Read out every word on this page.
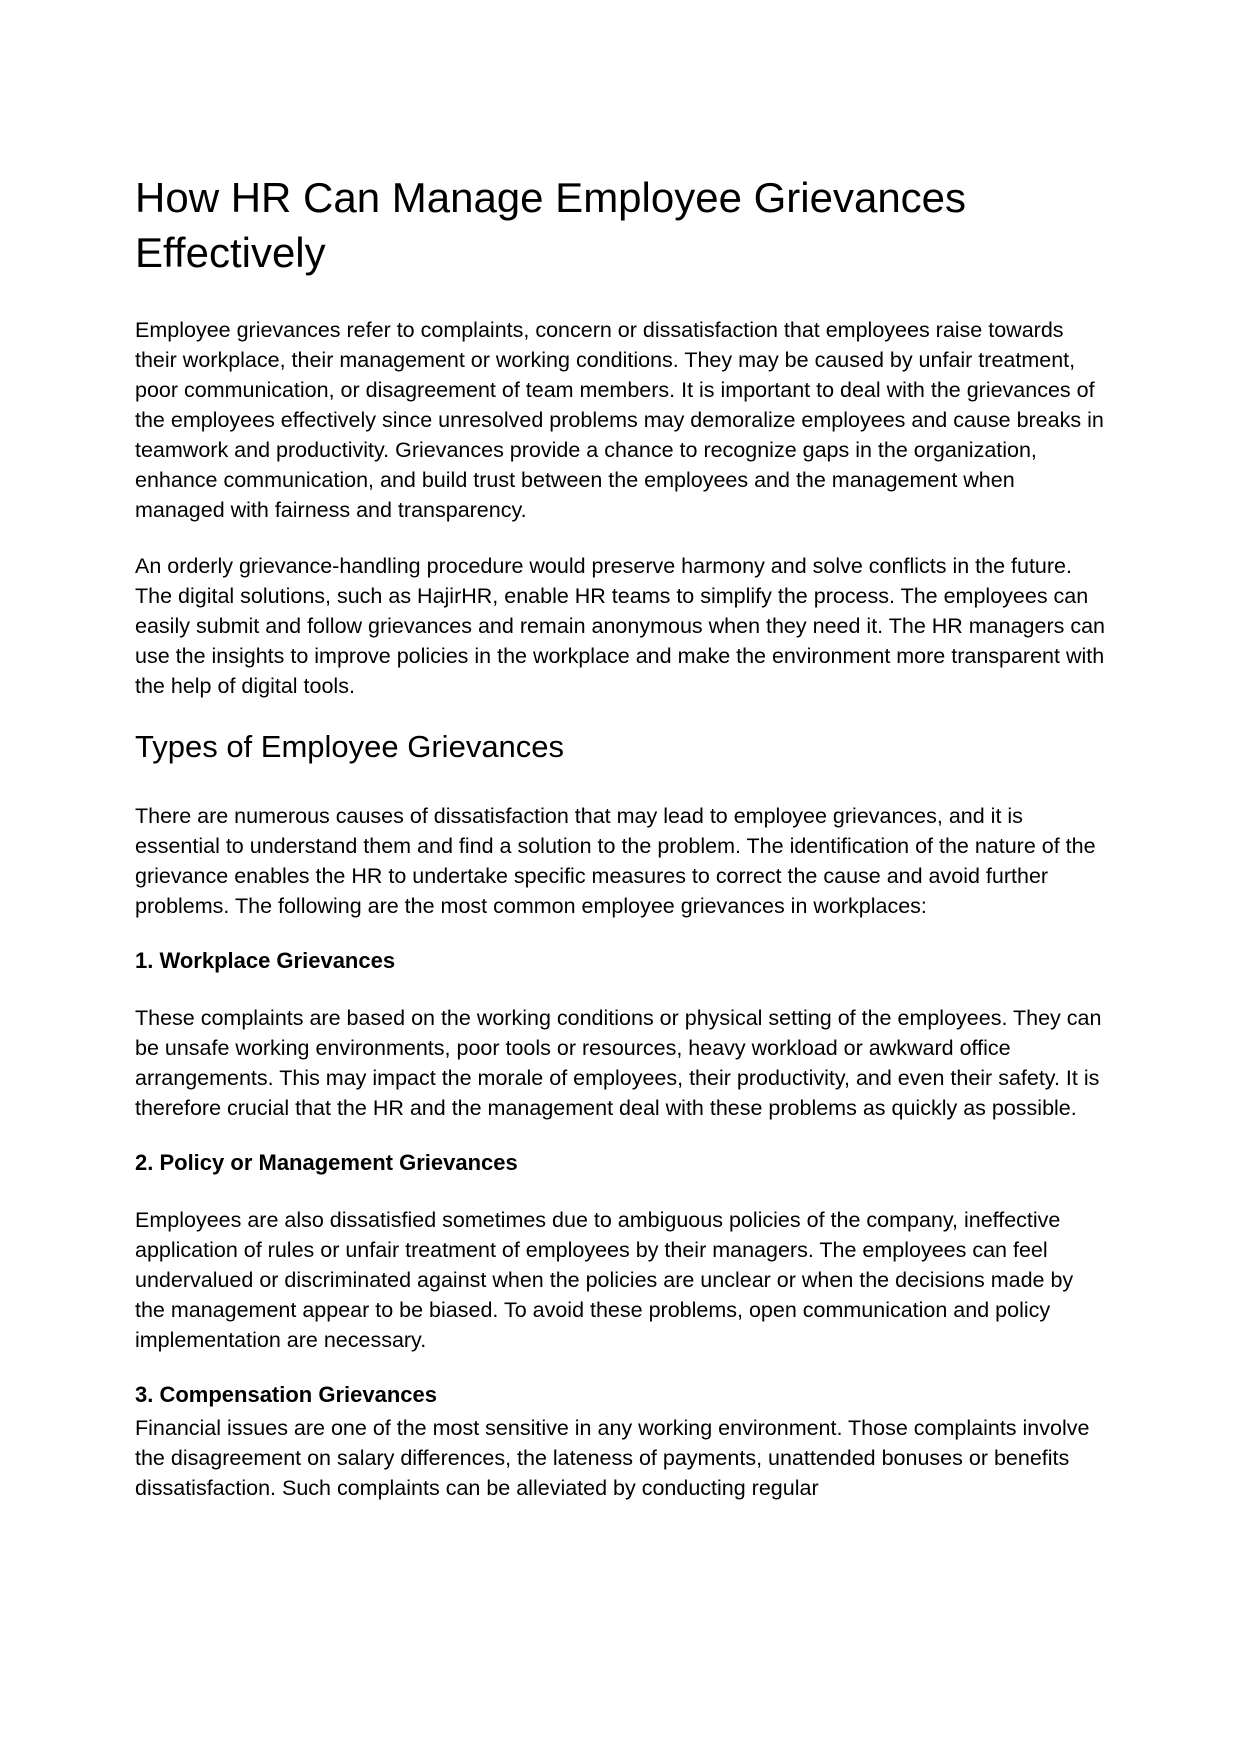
How HR Can Manage Employee Grievances Effectively

Employee grievances refer to complaints, concern or dissatisfaction that employees raise towards their workplace, their management or working conditions. They may be caused by unfair treatment, poor communication, or disagreement of team members. It is important to deal with the grievances of the employees effectively since unresolved problems may demoralize employees and cause breaks in teamwork and productivity. Grievances provide a chance to recognize gaps in the organization, enhance communication, and build trust between the employees and the management when managed with fairness and transparency.

An orderly grievance-handling procedure would preserve harmony and solve conflicts in the future. The digital solutions, such as HajirHR, enable HR teams to simplify the process. The employees can easily submit and follow grievances and remain anonymous when they need it. The HR managers can use the insights to improve policies in the workplace and make the environment more transparent with the help of digital tools.

Types of Employee Grievances

There are numerous causes of dissatisfaction that may lead to employee grievances, and it is essential to understand them and find a solution to the problem. The identification of the nature of the grievance enables the HR to undertake specific measures to correct the cause and avoid further problems. The following are the most common employee grievances in workplaces:

1. Workplace Grievances

These complaints are based on the working conditions or physical setting of the employees. They can be unsafe working environments, poor tools or resources, heavy workload or awkward office arrangements. This may impact the morale of employees, their productivity, and even their safety. It is therefore crucial that the HR and the management deal with these problems as quickly as possible.

2. Policy or Management Grievances

Employees are also dissatisfied sometimes due to ambiguous policies of the company, ineffective application of rules or unfair treatment of employees by their managers. The employees can feel undervalued or discriminated against when the policies are unclear or when the decisions made by the management appear to be biased. To avoid these problems, open communication and policy implementation are necessary.

3. Compensation Grievances

Financial issues are one of the most sensitive in any working environment. Those complaints involve the disagreement on salary differences, the lateness of payments, unattended bonuses or benefits dissatisfaction. Such complaints can be alleviated by conducting regular
